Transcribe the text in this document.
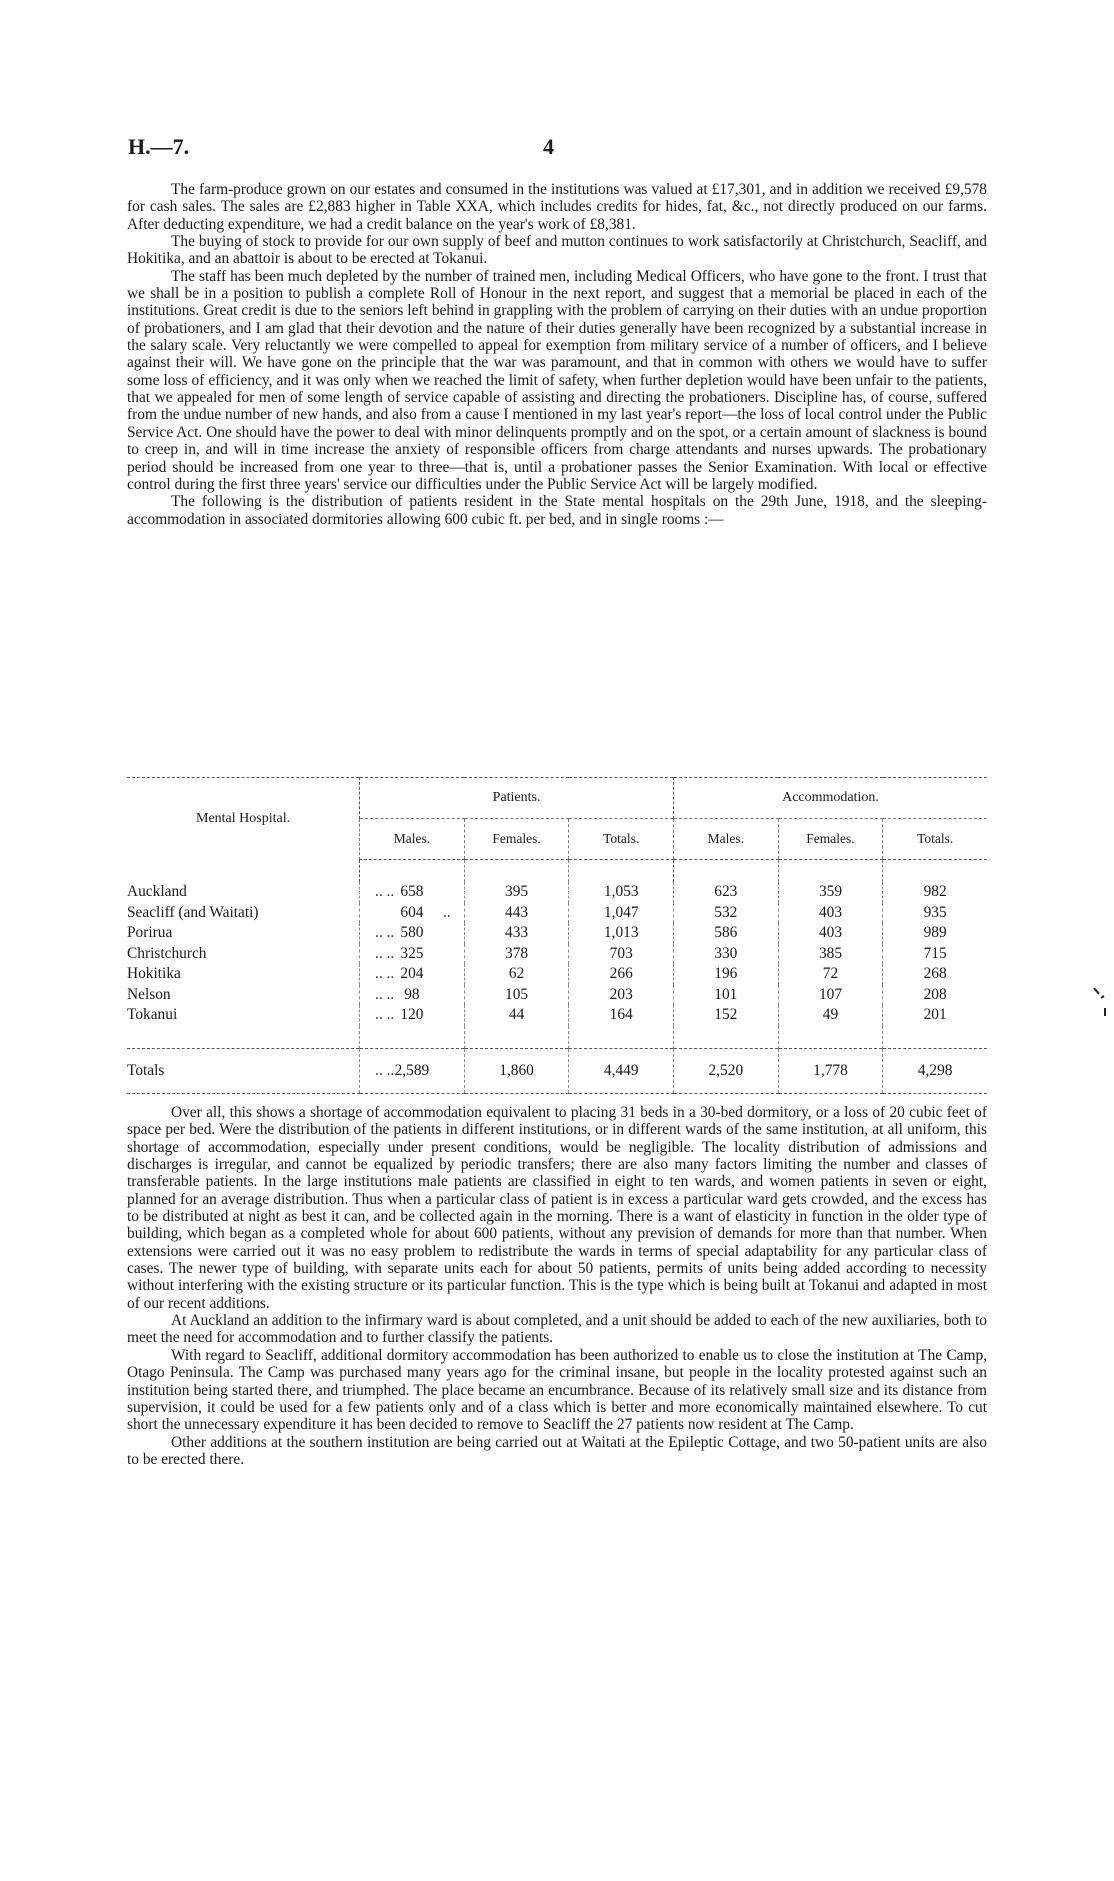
H.—7.	4

The farm-produce grown on our estates and consumed in the institutions was valued at £17,301, and in addition we received £9,578 for cash sales. The sales are £2,883 higher in Table XXA, which includes credits for hides, fat, &c., not directly produced on our farms. After deducting expenditure, we had a credit balance on the year's work of £8,381.

The buying of stock to provide for our own supply of beef and mutton continues to work satisfactorily at Christchurch, Seacliff, and Hokitika, and an abattoir is about to be erected at Tokanui.

The staff has been much depleted by the number of trained men, including Medical Officers, who have gone to the front. I trust that we shall be in a position to publish a complete Roll of Honour in the next report, and suggest that a memorial be placed in each of the institutions. Great credit is due to the seniors left behind in grappling with the problem of carrying on their duties with an undue proportion of probationers, and I am glad that their devotion and the nature of their duties generally have been recognized by a substantial increase in the salary scale. Very reluctantly we were compelled to appeal for exemption from military service of a number of officers, and I believe against their will. We have gone on the principle that the war was paramount, and that in common with others we would have to suffer some loss of efficiency, and it was only when we reached the limit of safety, when further depletion would have been unfair to the patients, that we appealed for men of some length of service capable of assisting and directing the probationers. Discipline has, of course, suffered from the undue number of new hands, and also from a cause I mentioned in my last year's report—the loss of local control under the Public Service Act. One should have the power to deal with minor delinquents promptly and on the spot, or a certain amount of slackness is bound to creep in, and will in time increase the anxiety of responsible officers from charge attendants and nurses upwards. The probationary period should be increased from one year to three—that is, until a probationer passes the Senior Examination. With local or effective control during the first three years' service our difficulties under the Public Service Act will be largely modified.

The following is the distribution of patients resident in the State mental hospitals on the 29th June, 1918, and the sleeping-accommodation in associated dormitories allowing 600 cubic ft. per bed, and in single rooms :—

Mental Hospital.	Patients.			Accommodation.		
	Males.	Females.	Totals.	Males.	Females.	Totals.

Auckland .. ..	658	395	1,053	623	359	982
Seacliff (and Waitati) ..	604	443	1,047	532	403	935
Porirua .. ..	580	433	1,013	586	403	989
Christchurch .. ..	325	378	703	330	385	715
Hokitika .. ..	204	62	266	196	72	268
Nelson .. ..	98	105	203	101	107	208
Tokanui .. ..	120	44	164	152	49	201

Totals .. ..	2,589	1,860	4,449	2,520	1,778	4,298

Over all, this shows a shortage of accommodation equivalent to placing 31 beds in a 30-bed dormitory, or a loss of 20 cubic feet of space per bed. Were the distribution of the patients in different institutions, or in different wards of the same institution, at all uniform, this shortage of accommodation, especially under present conditions, would be negligible. The locality distribution of admissions and discharges is irregular, and cannot be equalized by periodic transfers; there are also many factors limiting the number and classes of transferable patients. In the large institutions male patients are classified in eight to ten wards, and women patients in seven or eight, planned for an average distribution. Thus when a particular class of patient is in excess a particular ward gets crowded, and the excess has to be distributed at night as best it can, and be collected again in the morning. There is a want of elasticity in function in the older type of building, which began as a completed whole for about 600 patients, without any prevision of demands for more than that number. When extensions were carried out it was no easy problem to redistribute the wards in terms of special adaptability for any particular class of cases. The newer type of building, with separate units each for about 50 patients, permits of units being added according to necessity without interfering with the existing structure or its particular function. This is the type which is being built at Tokanui and adapted in most of our recent additions.

At Auckland an addition to the infirmary ward is about completed, and a unit should be added to each of the new auxiliaries, both to meet the need for accommodation and to further classify the patients.

With regard to Seacliff, additional dormitory accommodation has been authorized to enable us to close the institution at The Camp, Otago Peninsula. The Camp was purchased many years ago for the criminal insane, but people in the locality protested against such an institution being started there, and triumphed. The place became an encumbrance. Because of its relatively small size and its distance from supervision, it could be used for a few patients only and of a class which is better and more economically maintained elsewhere. To cut short the unnecessary expenditure it has been decided to remove to Seacliff the 27 patients now resident at The Camp.

Other additions at the southern institution are being carried out at Waitati at the Epileptic Cottage, and two 50-patient units are also to be erected there.
